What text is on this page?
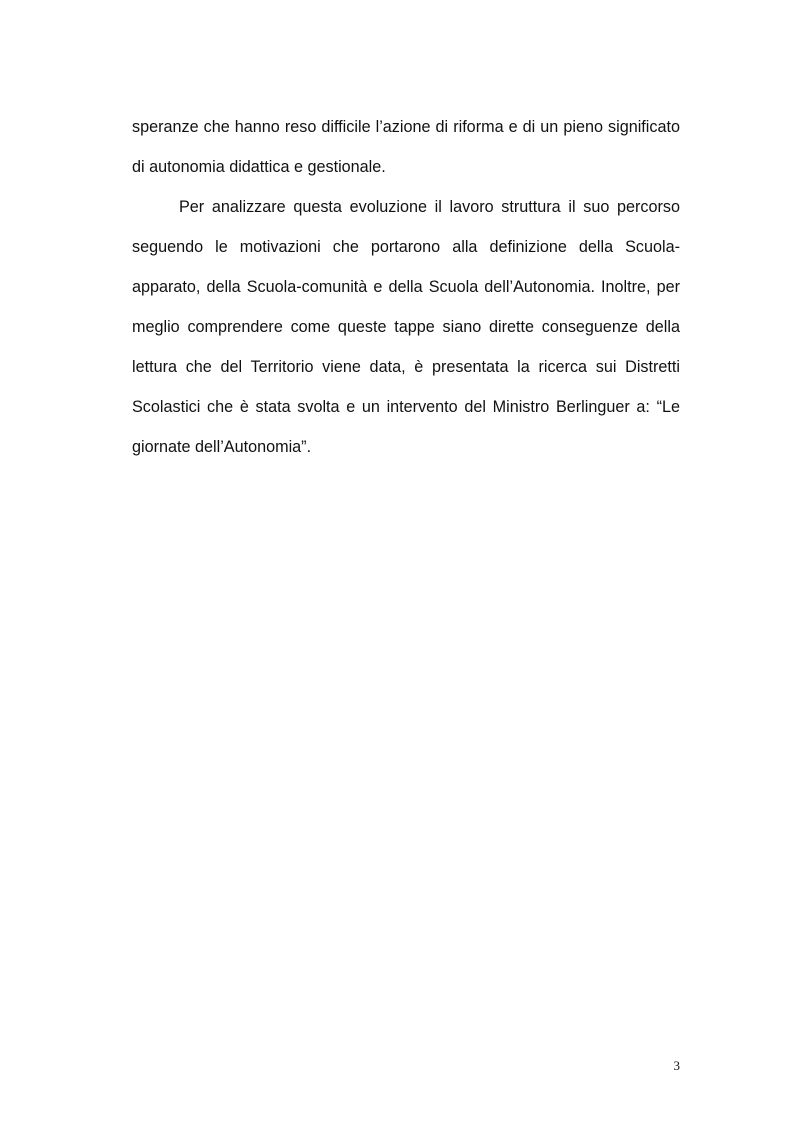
speranze che hanno reso difficile l’azione di riforma e di un pieno significato di autonomia didattica e gestionale.

Per analizzare questa evoluzione il lavoro struttura il suo percorso seguendo le motivazioni che portarono alla definizione della Scuola-apparato, della Scuola-comunità e della Scuola dell’Autonomia. Inoltre, per meglio comprendere come queste tappe siano dirette conseguenze della lettura che del Territorio viene data, è presentata la ricerca sui Distretti Scolastici che è stata svolta e un intervento del Ministro Berlinguer a: “Le giornate dell’Autonomia”.

3
